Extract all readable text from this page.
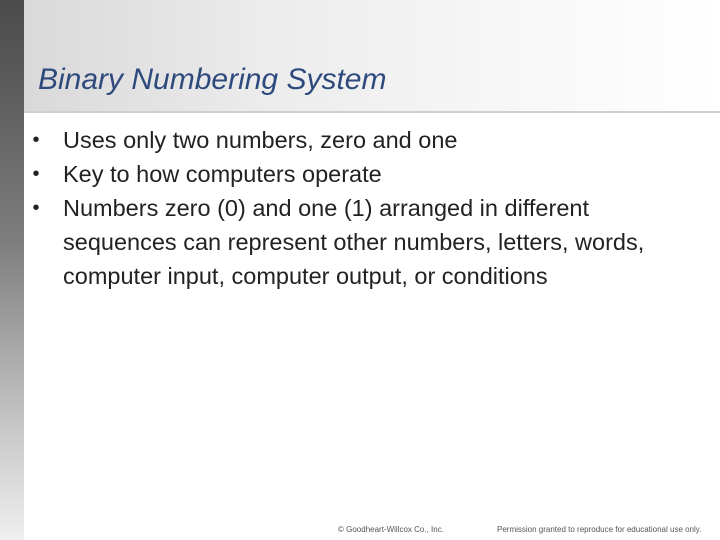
Binary Numbering System
• Uses only two numbers, zero and one
• Key to how computers operate
• Numbers zero (0) and one (1) arranged in different sequences can represent other numbers, letters, words, computer input, computer output, or conditions
© Goodheart-Willcox Co., Inc.	Permission granted to reproduce for educational use only.
